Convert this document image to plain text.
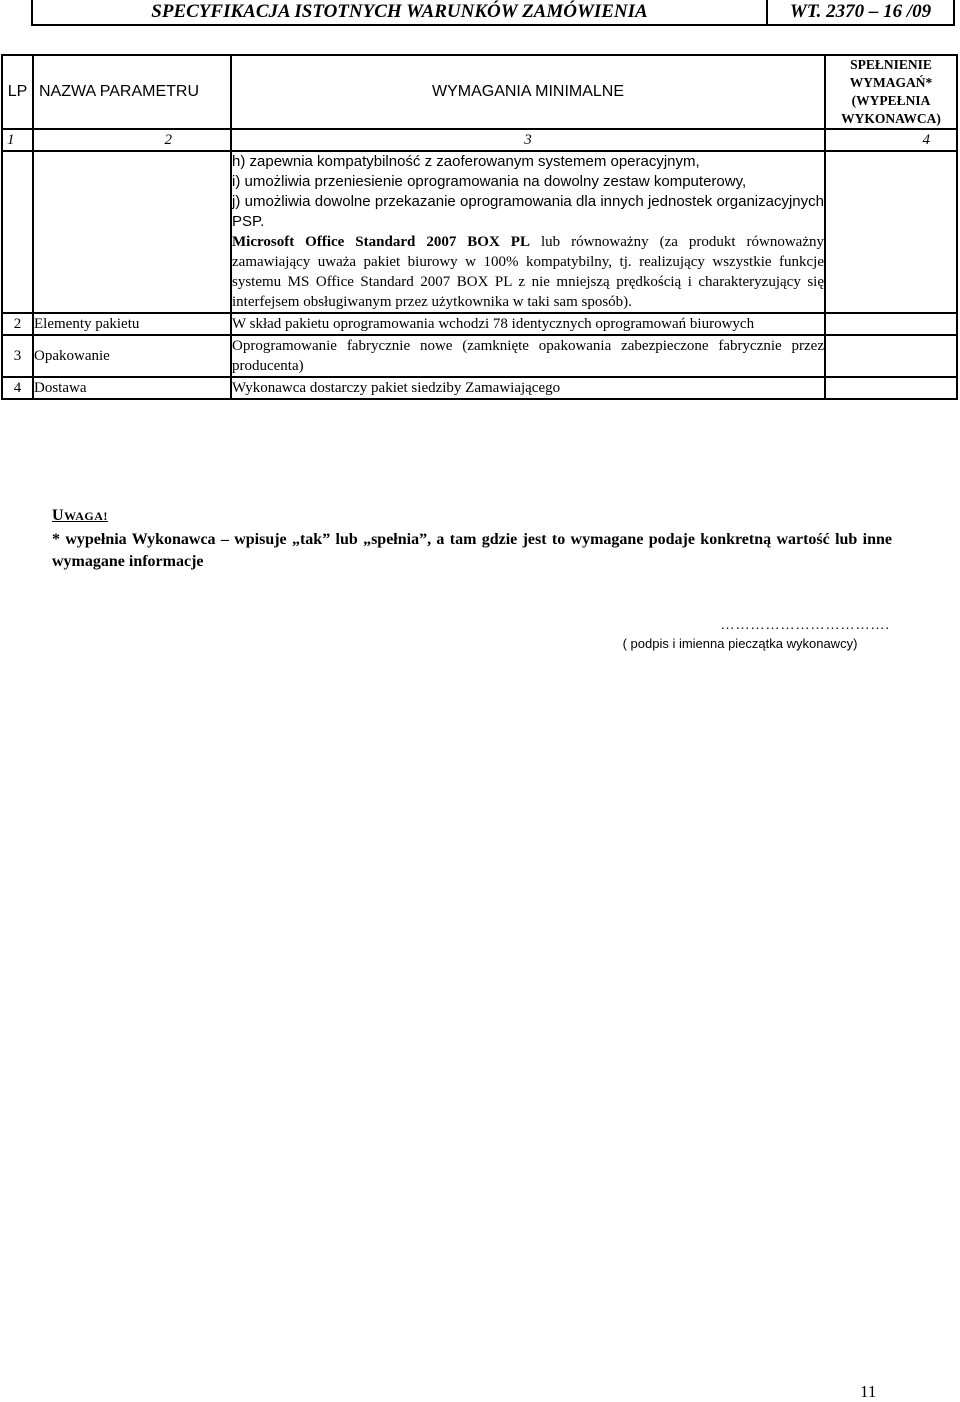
SPECYFIKACJA ISTOTNYCH WARUNKÓW ZAMÓWIENIA	WT. 2370 – 16 /09
LP	NAZWA PARAMETRU	WYMAGANIA MINIMALNE	SPEŁNIENIE WYMAGAŃ* (WYPEŁNIA WYKONAWCA)
1	2	3	4

		h) zapewnia kompatybilność z zaoferowanym systemem operacyjnym,

i) umożliwia przeniesienie oprogramowania na dowolny zestaw komputerowy,

j) umożliwia dowolne przekazanie oprogramowania dla innych jednostek organizacyjnych PSP.

Microsoft Office Standard 2007 BOX PL lub równoważny (za produkt równoważny zamawiający uważa pakiet biurowy w 100% kompatybilny, tj. realizujący wszystkie funkcje systemu MS Office Standard 2007 BOX PL z nie mniejszą prędkością i charakteryzujący się interfejsem obsługiwanym przez użytkownika w taki sam sposób).	

2	Elementy pakietu	W skład pakietu oprogramowania wchodzi 78 identycznych oprogramowań biurowych	
3	Opakowanie	Oprogramowanie fabrycznie nowe (zamknięte opakowania zabezpieczone fabrycznie przez producenta)	
4	Dostawa	Wykonawca dostarczy pakiet siedziby Zamawiającego	
UWAGA!
* wypełnia Wykonawca – wpisuje „tak” lub „spełnia”, a tam gdzie jest to wymagane podaje konkretną wartość lub inne wymagane informacje
…………………………….
( podpis i imienna pieczątka wykonawcy)
11
